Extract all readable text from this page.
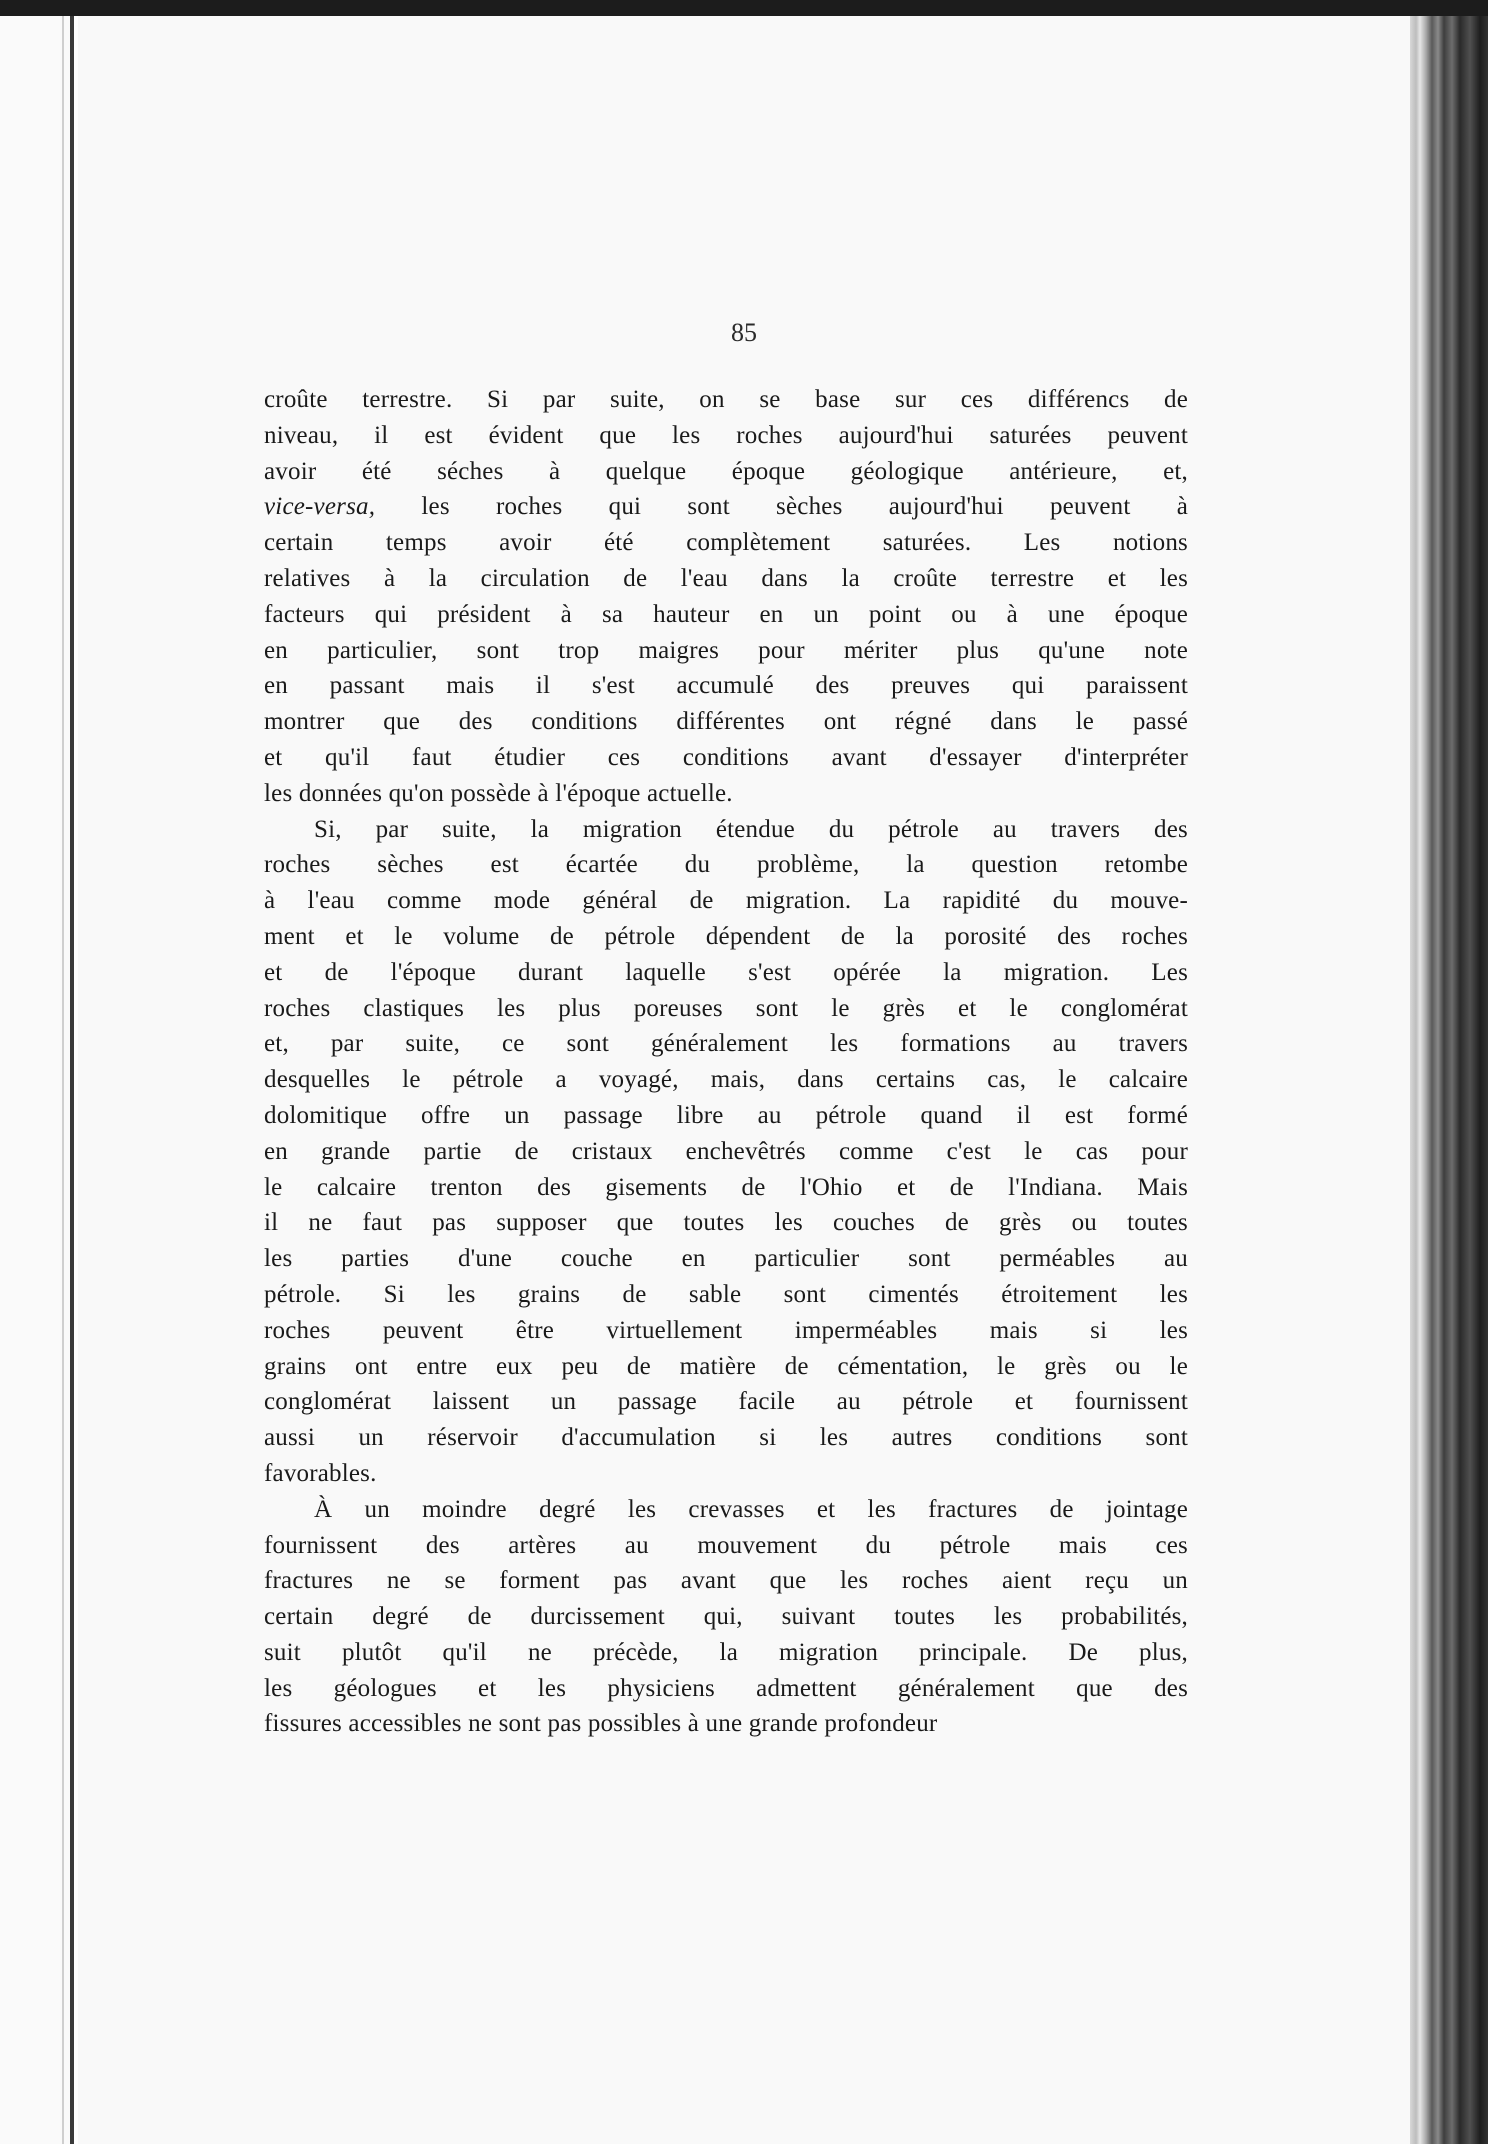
85

croûte terrestre. Si par suite, on se base sur ces différencs de
niveau, il est évident que les roches aujourd'hui saturées peuvent
avoir été séches à quelque époque géologique antérieure, et,
vice-versa, les roches qui sont sèches aujourd'hui peuvent à
certain temps avoir été complètement saturées. Les notions
relatives à la circulation de l'eau dans la croûte terrestre et les
facteurs qui président à sa hauteur en un point ou à une époque
en particulier, sont trop maigres pour mériter plus qu'une note
en passant mais il s'est accumulé des preuves qui paraissent
montrer que des conditions différentes ont régné dans le passé
et qu'il faut étudier ces conditions avant d'essayer d'interpréter
les données qu'on possède à l'époque actuelle.
Si, par suite, la migration étendue du pétrole au travers des
roches sèches est écartée du problème, la question retombe
à l'eau comme mode général de migration. La rapidité du mouve-
ment et le volume de pétrole dépendent de la porosité des roches
et de l'époque durant laquelle s'est opérée la migration. Les
roches clastiques les plus poreuses sont le grès et le conglomérat
et, par suite, ce sont généralement les formations au travers
desquelles le pétrole a voyagé, mais, dans certains cas, le calcaire
dolomitique offre un passage libre au pétrole quand il est formé
en grande partie de cristaux enchevêtrés comme c'est le cas pour
le calcaire trenton des gisements de l'Ohio et de l'Indiana. Mais
il ne faut pas supposer que toutes les couches de grès ou toutes
les parties d'une couche en particulier sont perméables au
pétrole. Si les grains de sable sont cimentés étroitement les
roches peuvent être virtuellement imperméables mais si les
grains ont entre eux peu de matière de cémentation, le grès ou le
conglomérat laissent un passage facile au pétrole et fournissent
aussi un réservoir d'accumulation si les autres conditions sont
favorables.
À un moindre degré les crevasses et les fractures de jointage
fournissent des artères au mouvement du pétrole mais ces
fractures ne se forment pas avant que les roches aient reçu un
certain degré de durcissement qui, suivant toutes les probabilités,
suit plutôt qu'il ne précède, la migration principale. De plus,
les géologues et les physiciens admettent généralement que des
fissures accessibles ne sont pas possibles à une grande profondeur
